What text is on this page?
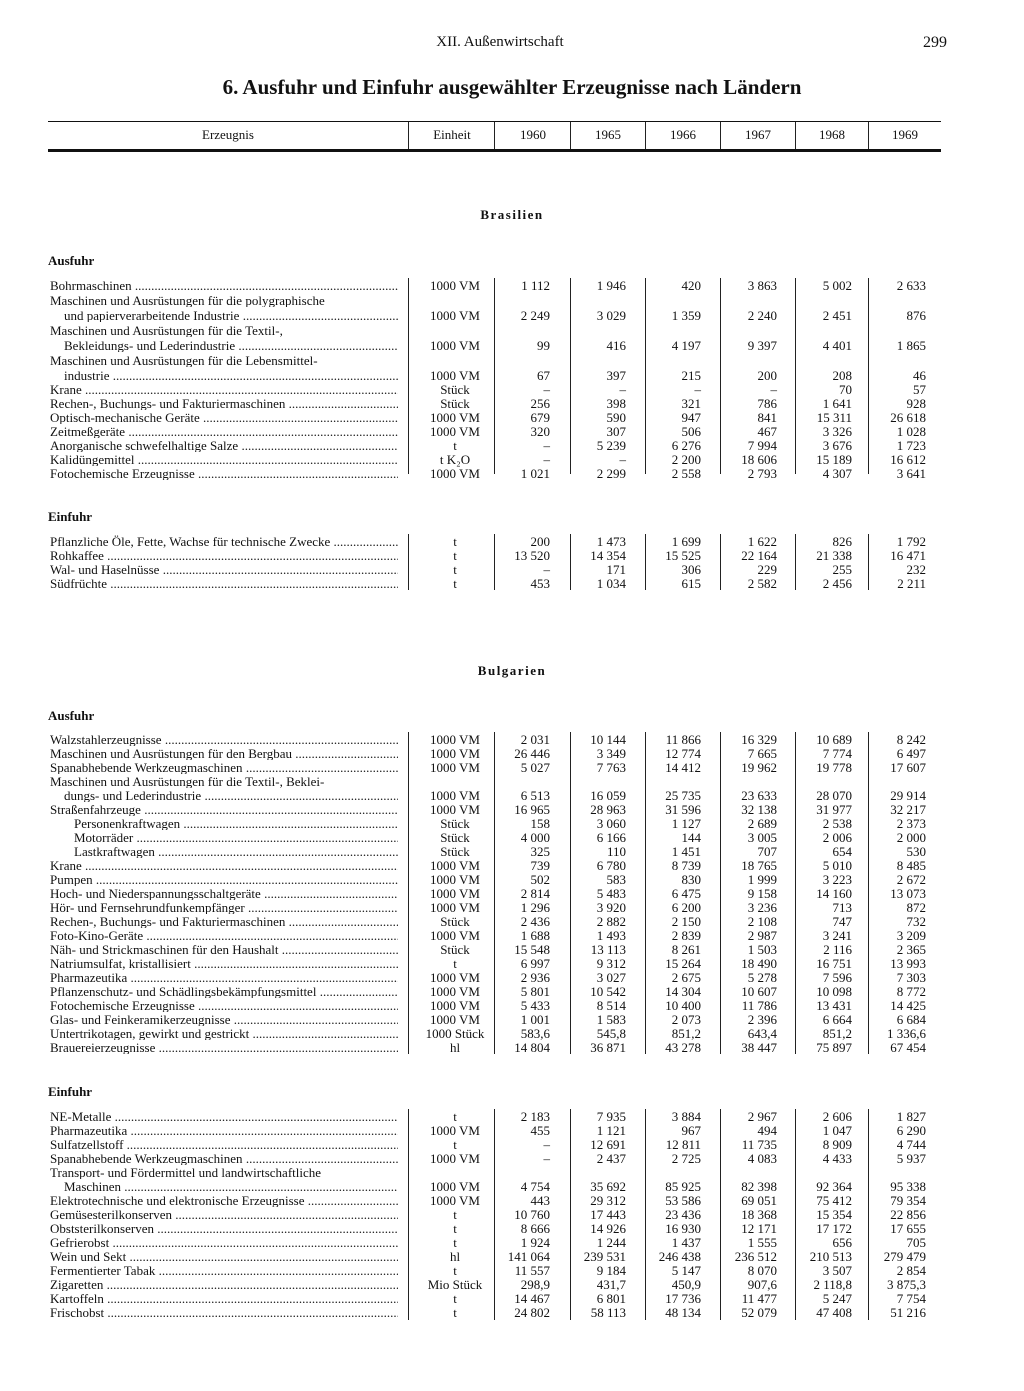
XII. Außenwirtschaft	299
6. Ausfuhr und Einfuhr ausgewählter Erzeugnisse nach Ländern
Erzeugnis	Einheit	1960	1965	1966	1967	1968	1969
Brasilien
Ausfuhr
Bohrmaschinen .....	1000 VM	1 112	1 946	420	3 863	5 002	2 633
Maschinen und Ausrüstungen für die polygraphische
und papierverarbeitende Industrie .....	1000 VM	2 249	3 029	1 359	2 240	2 451	876
Maschinen und Ausrüstungen für die Textil-,
Bekleidungs- und Lederindustrie .....	1000 VM	99	416	4 197	9 397	4 401	1 865
Maschinen und Ausrüstungen für die Lebensmittel-
industrie .....	1000 VM	67	397	215	200	208	46
Krane .....	Stück	–	–	–	–	70	57
Rechen-, Buchungs- und Fakturiermaschinen .....	Stück	256	398	321	786	1 641	928
Optisch-mechanische Geräte .....	1000 VM	679	590	947	841	15 311	26 618
Zeitmeßgeräte .....	1000 VM	320	307	506	467	3 326	1 028
Anorganische schwefelhaltige Salze .....	t	–	5 239	6 276	7 994	3 676	1 723
Kalidüngemittel .....	t K₂O	–	–	2 200	18 606	15 189	16 612
Fotochemische Erzeugnisse .....	1000 VM	1 021	2 299	2 558	2 793	4 307	3 641
Einfuhr
Pflanzliche Öle, Fette, Wachse für technische Zwecke .....	t	200	1 473	1 699	1 622	826	1 792
Rohkaffee .....	t	13 520	14 354	15 525	22 164	21 338	16 471
Wal- und Haselnüsse .....	t	–	171	306	229	255	232
Südfrüchte .....	t	453	1 034	615	2 582	2 456	2 211
Bulgarien
Ausfuhr
Walzstahlerzeugnisse .....	1000 VM	2 031	10 144	11 866	16 329	10 689	8 242
Maschinen und Ausrüstungen für den Bergbau .....	1000 VM	26 446	3 349	12 774	7 665	7 774	6 497
Spanabhebende Werkzeugmaschinen .....	1000 VM	5 027	7 763	14 412	19 962	19 778	17 607
Maschinen und Ausrüstungen für die Textil-, Beklei-
dungs- und Lederindustrie .....	1000 VM	6 513	16 059	25 735	23 633	28 070	29 914
Straßenfahrzeuge .....	1000 VM	16 965	28 963	31 596	32 138	31 977	32 217
Personenkraftwagen .....	Stück	158	3 060	1 127	2 689	2 538	2 373
Motorräder .....	Stück	4 000	6 166	144	3 005	2 006	2 000
Lastkraftwagen .....	Stück	325	110	1 451	707	654	530
Krane .....	1000 VM	739	6 780	8 739	18 765	5 010	8 485
Pumpen .....	1000 VM	502	583	830	1 999	3 223	2 672
Hoch- und Niederspannungsschaltgeräte .....	1000 VM	2 814	5 483	6 475	9 158	14 160	13 073
Hör- und Fernsehrundfunkempfänger .....	1000 VM	1 296	3 920	6 200	3 236	713	872
Rechen-, Buchungs- und Fakturiermaschinen .....	Stück	2 436	2 882	2 150	2 108	747	732
Foto-Kino-Geräte .....	1000 VM	1 688	1 493	2 839	2 987	3 241	3 209
Näh- und Strickmaschinen für den Haushalt .....	Stück	15 548	13 113	8 261	1 503	2 116	2 365
Natriumsulfat, kristallisiert .....	t	6 997	9 312	15 264	18 490	16 751	13 993
Pharmazeutika .....	1000 VM	2 936	3 027	2 675	5 278	7 596	7 303
Pflanzenschutz- und Schädlingsbekämpfungsmittel .....	1000 VM	5 801	10 542	14 304	10 607	10 098	8 772
Fotochemische Erzeugnisse .....	1000 VM	5 433	8 514	10 400	11 786	13 431	14 425
Glas- und Feinkeramikerzeugnisse .....	1000 VM	1 001	1 583	2 073	2 396	6 664	6 684
Untertrikotagen, gewirkt und gestrickt .....	1000 Stück	583,6	545,8	851,2	643,4	851,2	1 336,6
Brauereierzeugnisse .....	hl	14 804	36 871	43 278	38 447	75 897	67 454
Einfuhr
NE-Metalle .....	t	2 183	7 935	3 884	2 967	2 606	1 827
Pharmazeutika .....	1000 VM	455	1 121	967	494	1 047	6 290
Sulfatzellstoff .....	t	–	12 691	12 811	11 735	8 909	4 744
Spanabhebende Werkzeugmaschinen .....	1000 VM	–	2 437	2 725	4 083	4 433	5 937
Transport- und Fördermittel und landwirtschaftliche
Maschinen .....	1000 VM	4 754	35 692	85 925	82 398	92 364	95 338
Elektrotechnische und elektronische Erzeugnisse .....	1000 VM	443	29 312	53 586	69 051	75 412	79 354
Gemüsesterilkonserven .....	t	10 760	17 443	23 436	18 368	15 354	22 856
Obststerilkonserven .....	t	8 666	14 926	16 930	12 171	17 172	17 655
Gefrierobst .....	t	1 924	1 244	1 437	1 555	656	705
Wein und Sekt .....	hl	141 064	239 531	246 438	236 512	210 513	279 479
Fermentierter Tabak .....	t	11 557	9 184	5 147	8 070	3 507	2 854
Zigaretten .....	Mio Stück	298,9	431,7	450,9	907,6	2 118,8	3 875,3
Kartoffeln .....	t	14 467	6 801	17 736	11 477	5 247	7 754
Frischobst .....	t	24 802	58 113	48 134	52 079	47 408	51 216
